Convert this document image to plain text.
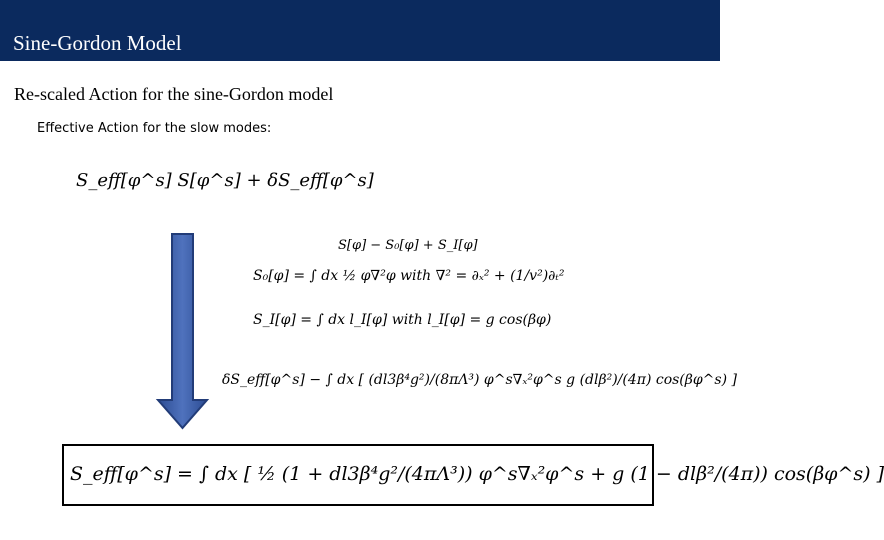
Sine-Gordon Model
Re-scaled Action for the sine-Gordon model
Effective Action for the slow modes:
S_eff[φ^s] S[φ^s] + δS_eff[φ^s]
S[φ] − S₀[φ] + S_I[φ]
S₀[φ] = ∫ dx ½ φ∇²φ with ∇² = ∂ₓ² + (1/v²)∂ₜ²
S_I[φ] = ∫ dx l_I[φ] with l_I[φ] = g cos(βφ)
δS_eff[φ^s] − ∫ dx [ (dl3β⁴g²)/(8πΛ³) φ^s∇ₓ²φ^s g (dlβ²)/(4π) cos(βφ^s) ]
S_eff[φ^s] = ∫ dx [ ½ (1 + dl3β⁴g²/(4πΛ³)) φ^s∇ₓ²φ^s + g (1 − dlβ²/(4π)) cos(βφ^s) ]
